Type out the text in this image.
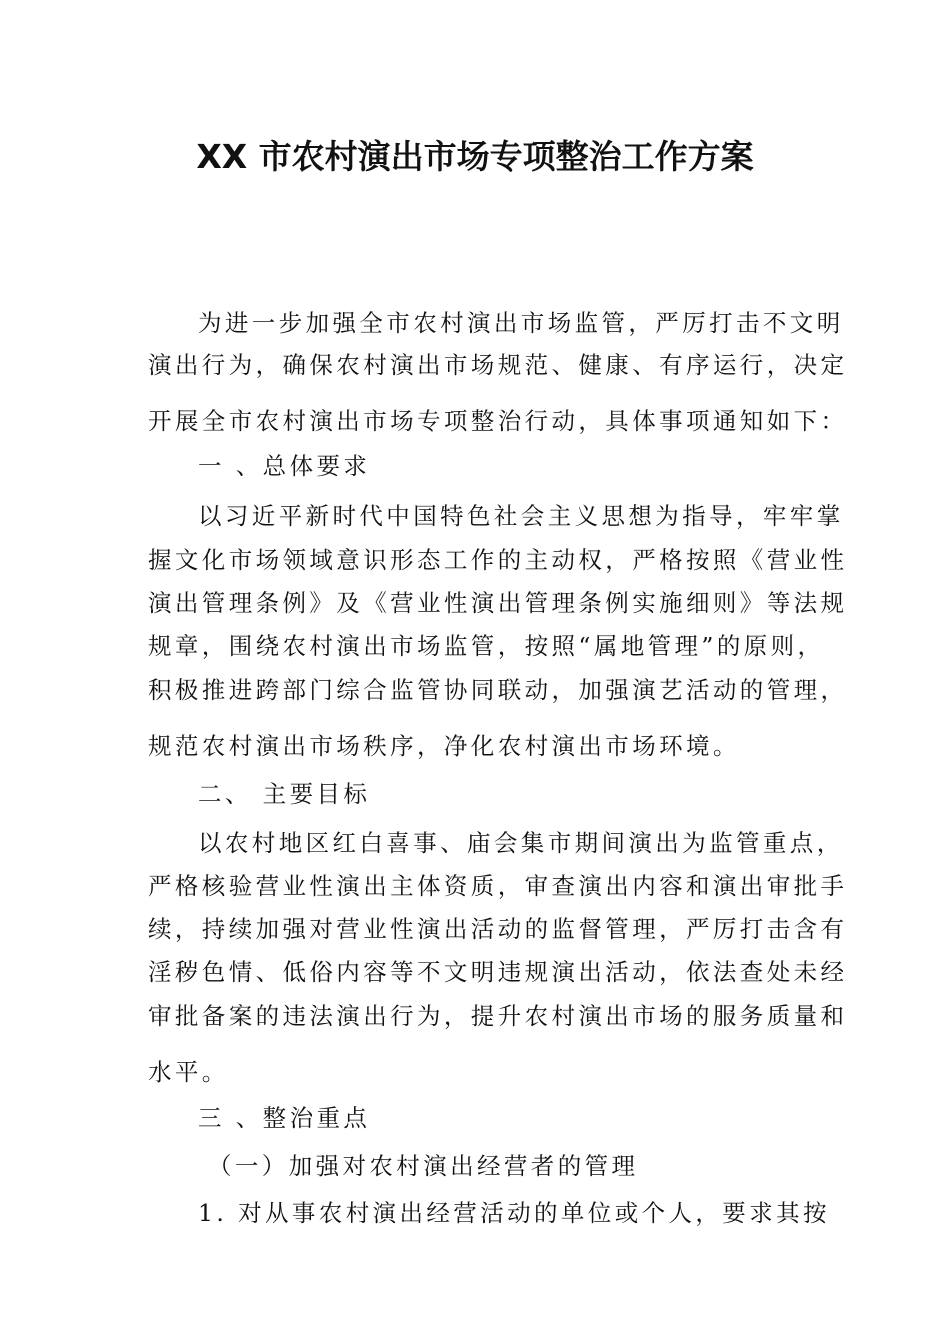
XX 市农村演出市场专项整治工作方案

为进一步加强全市农村演出市场监管，严厉打击不文明

演出行为，确保农村演出市场规范、健康、有序运行，决定

开展全市农村演出市场专项整治行动，具体事项通知如下：

一 、总体要求

以习近平新时代中国特色社会主义思想为指导，牢牢掌

握文化市场领域意识形态工作的主动权，严格按照《营业性

演出管理条例》及《营业性演出管理条例实施细则》等法规

规章，围绕农村演出市场监管，按照“属地管理”的原则，

积极推进跨部门综合监管协同联动，加强演艺活动的管理，

规范农村演出市场秩序，净化农村演出市场环境。

二、 主要目标

以农村地区红白喜事、庙会集市期间演出为监管重点，

严格核验营业性演出主体资质，审查演出内容和演出审批手

续，持续加强对营业性演出活动的监督管理，严厉打击含有

淫秽色情、低俗内容等不文明违规演出活动，依法查处未经

审批备案的违法演出行为，提升农村演出市场的服务质量和

水平。

三 、整治重点

（一）加强对农村演出经营者的管理

1. 对从事农村演出经营活动的单位或个人，要求其按
